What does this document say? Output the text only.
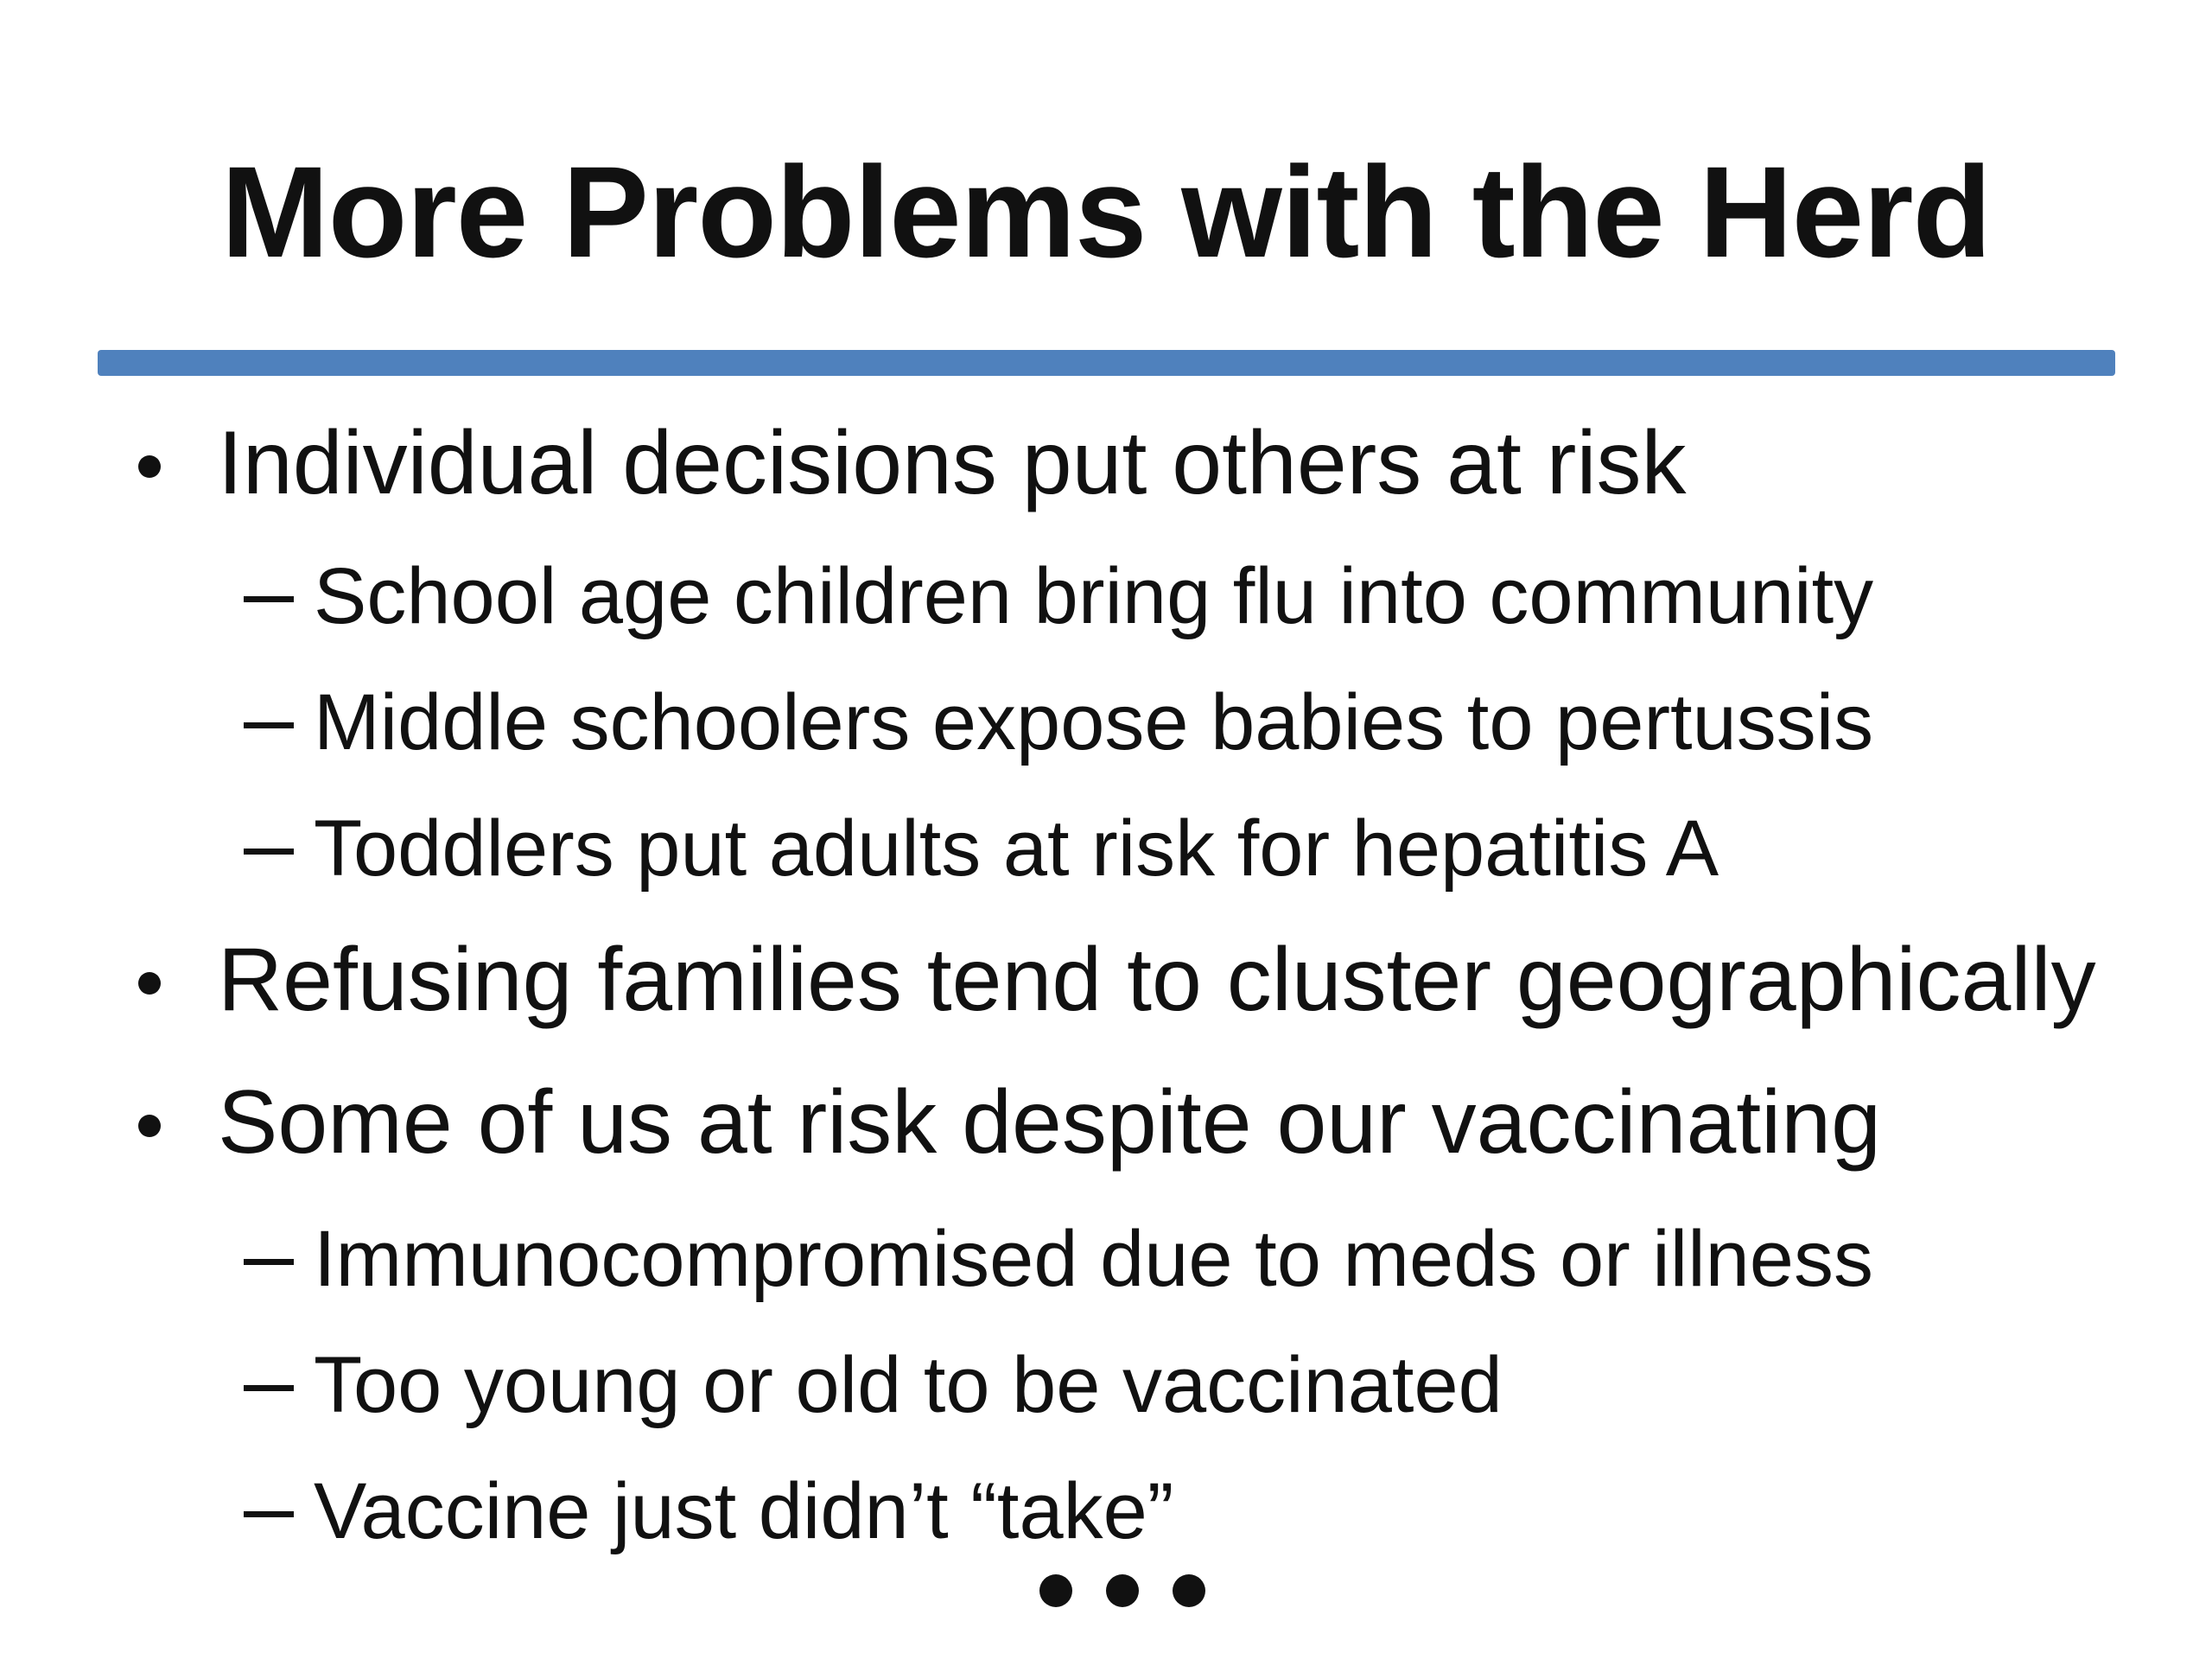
More Problems with the Herd
Individual decisions put others at risk
School age children bring flu into community
Middle schoolers expose babies to pertussis
Toddlers put adults at risk for hepatitis A
Refusing families tend to cluster geographically
Some of us at risk despite our vaccinating
Immunocompromised due to meds or illness
Too young or old to be vaccinated
Vaccine just didn’t “take”
